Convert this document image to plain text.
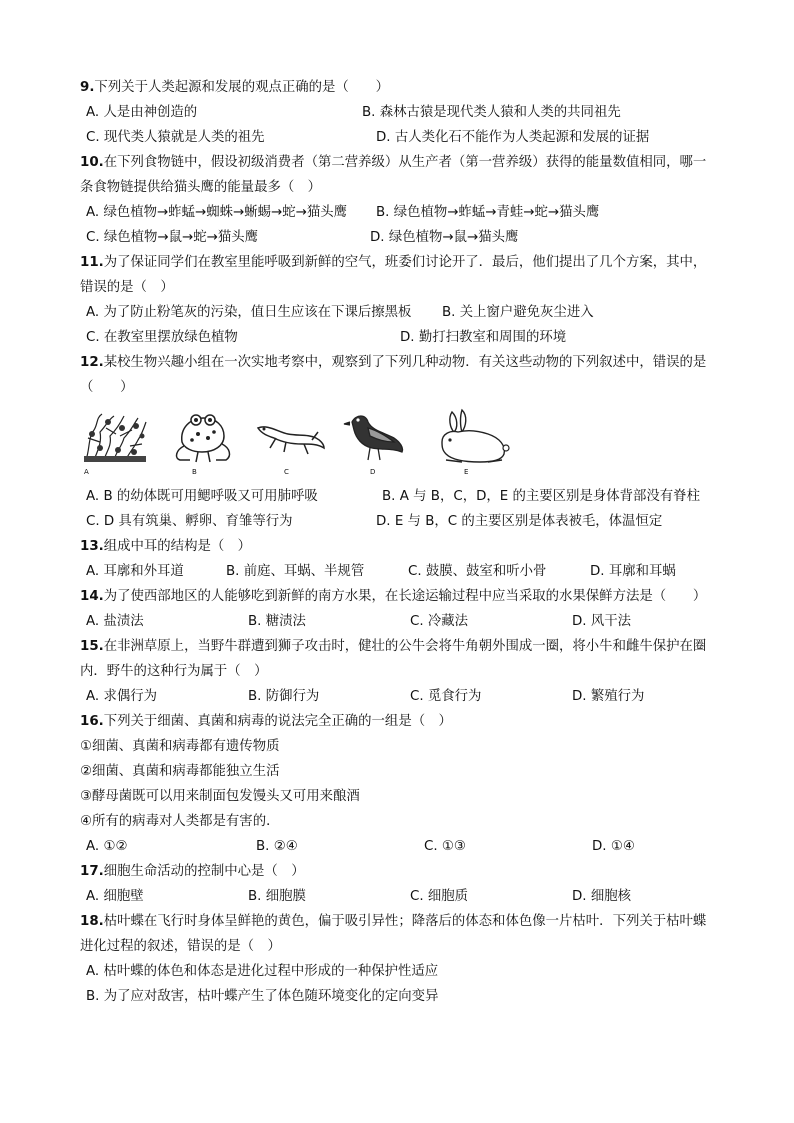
9.下列关于人类起源和发展的观点正确的是（　　）
A. 人是由神创造的	B. 森林古猿是现代类人猿和人类的共同祖先
C. 现代类人猿就是人类的祖先	D. 古人类化石不能作为人类起源和发展的证据
10.在下列食物链中，假设初级消费者（第二营养级）从生产者（第一营养级）获得的能量数值相同，哪一
条食物链提供给猫头鹰的能量最多（　）
A. 绿色植物→蚱蜢→蜘蛛→蜥蜴→蛇→猫头鹰 B. 绿色植物→蚱蜢→青蛙→蛇→猫头鹰
C. 绿色植物→鼠→蛇→猫头鹰	D. 绿色植物→鼠→猫头鹰
11.为了保证同学们在教室里能呼吸到新鲜的空气，班委们讨论开了．最后，他们提出了几个方案，其中，
错误的是（　）
A. 为了防止粉笔灰的污染，值日生应该在下课后擦黑板 B. 关上窗户避免灰尘进入
C. 在教室里摆放绿色植物	D. 勤打扫教室和周围的环境
12.某校生物兴趣小组在一次实地考察中，观察到了下列几种动物．有关这些动物的下列叙述中，错误的是
（　　）
A	B	C	D	E
A. B 的幼体既可用鳃呼吸又可用肺呼吸	B. A 与 B，C，D，E 的主要区别是身体背部没有脊柱
C. D 具有筑巢、孵卵、育雏等行为	D. E 与 B，C 的主要区别是体表被毛，体温恒定
13.组成中耳的结构是（　）
A. 耳廓和外耳道	B. 前庭、耳蜗、半规管	C. 鼓膜、鼓室和听小骨	D. 耳廓和耳蜗
14.为了使西部地区的人能够吃到新鲜的南方水果，在长途运输过程中应当采取的水果保鲜方法是（　　）
A. 盐渍法	B. 糖渍法	C. 冷藏法	D. 风干法
15.在非洲草原上，当野牛群遭到狮子攻击时，健壮的公牛会将牛角朝外围成一圈，将小牛和雌牛保护在圈
内．野牛的这种行为属于（　）
A. 求偶行为	B. 防御行为	C. 觅食行为	D. 繁殖行为
16.下列关于细菌、真菌和病毒的说法完全正确的一组是（　）
①细菌、真菌和病毒都有遗传物质
②细菌、真菌和病毒都能独立生活
③酵母菌既可以用来制面包发馒头又可用来酿酒
④所有的病毒对人类都是有害的．
A. ①②	B. ②④	C. ①③	D. ①④
17.细胞生命活动的控制中心是（　）
A. 细胞壁	B. 细胞膜	C. 细胞质	D. 细胞核
18.枯叶蝶在飞行时身体呈鲜艳的黄色，偏于吸引异性；降落后的体态和体色像一片枯叶．下列关于枯叶蝶
进化过程的叙述，错误的是（　）
A. 枯叶蝶的体色和体态是进化过程中形成的一种保护性适应
B. 为了应对敌害，枯叶蝶产生了体色随环境变化的定向变异
